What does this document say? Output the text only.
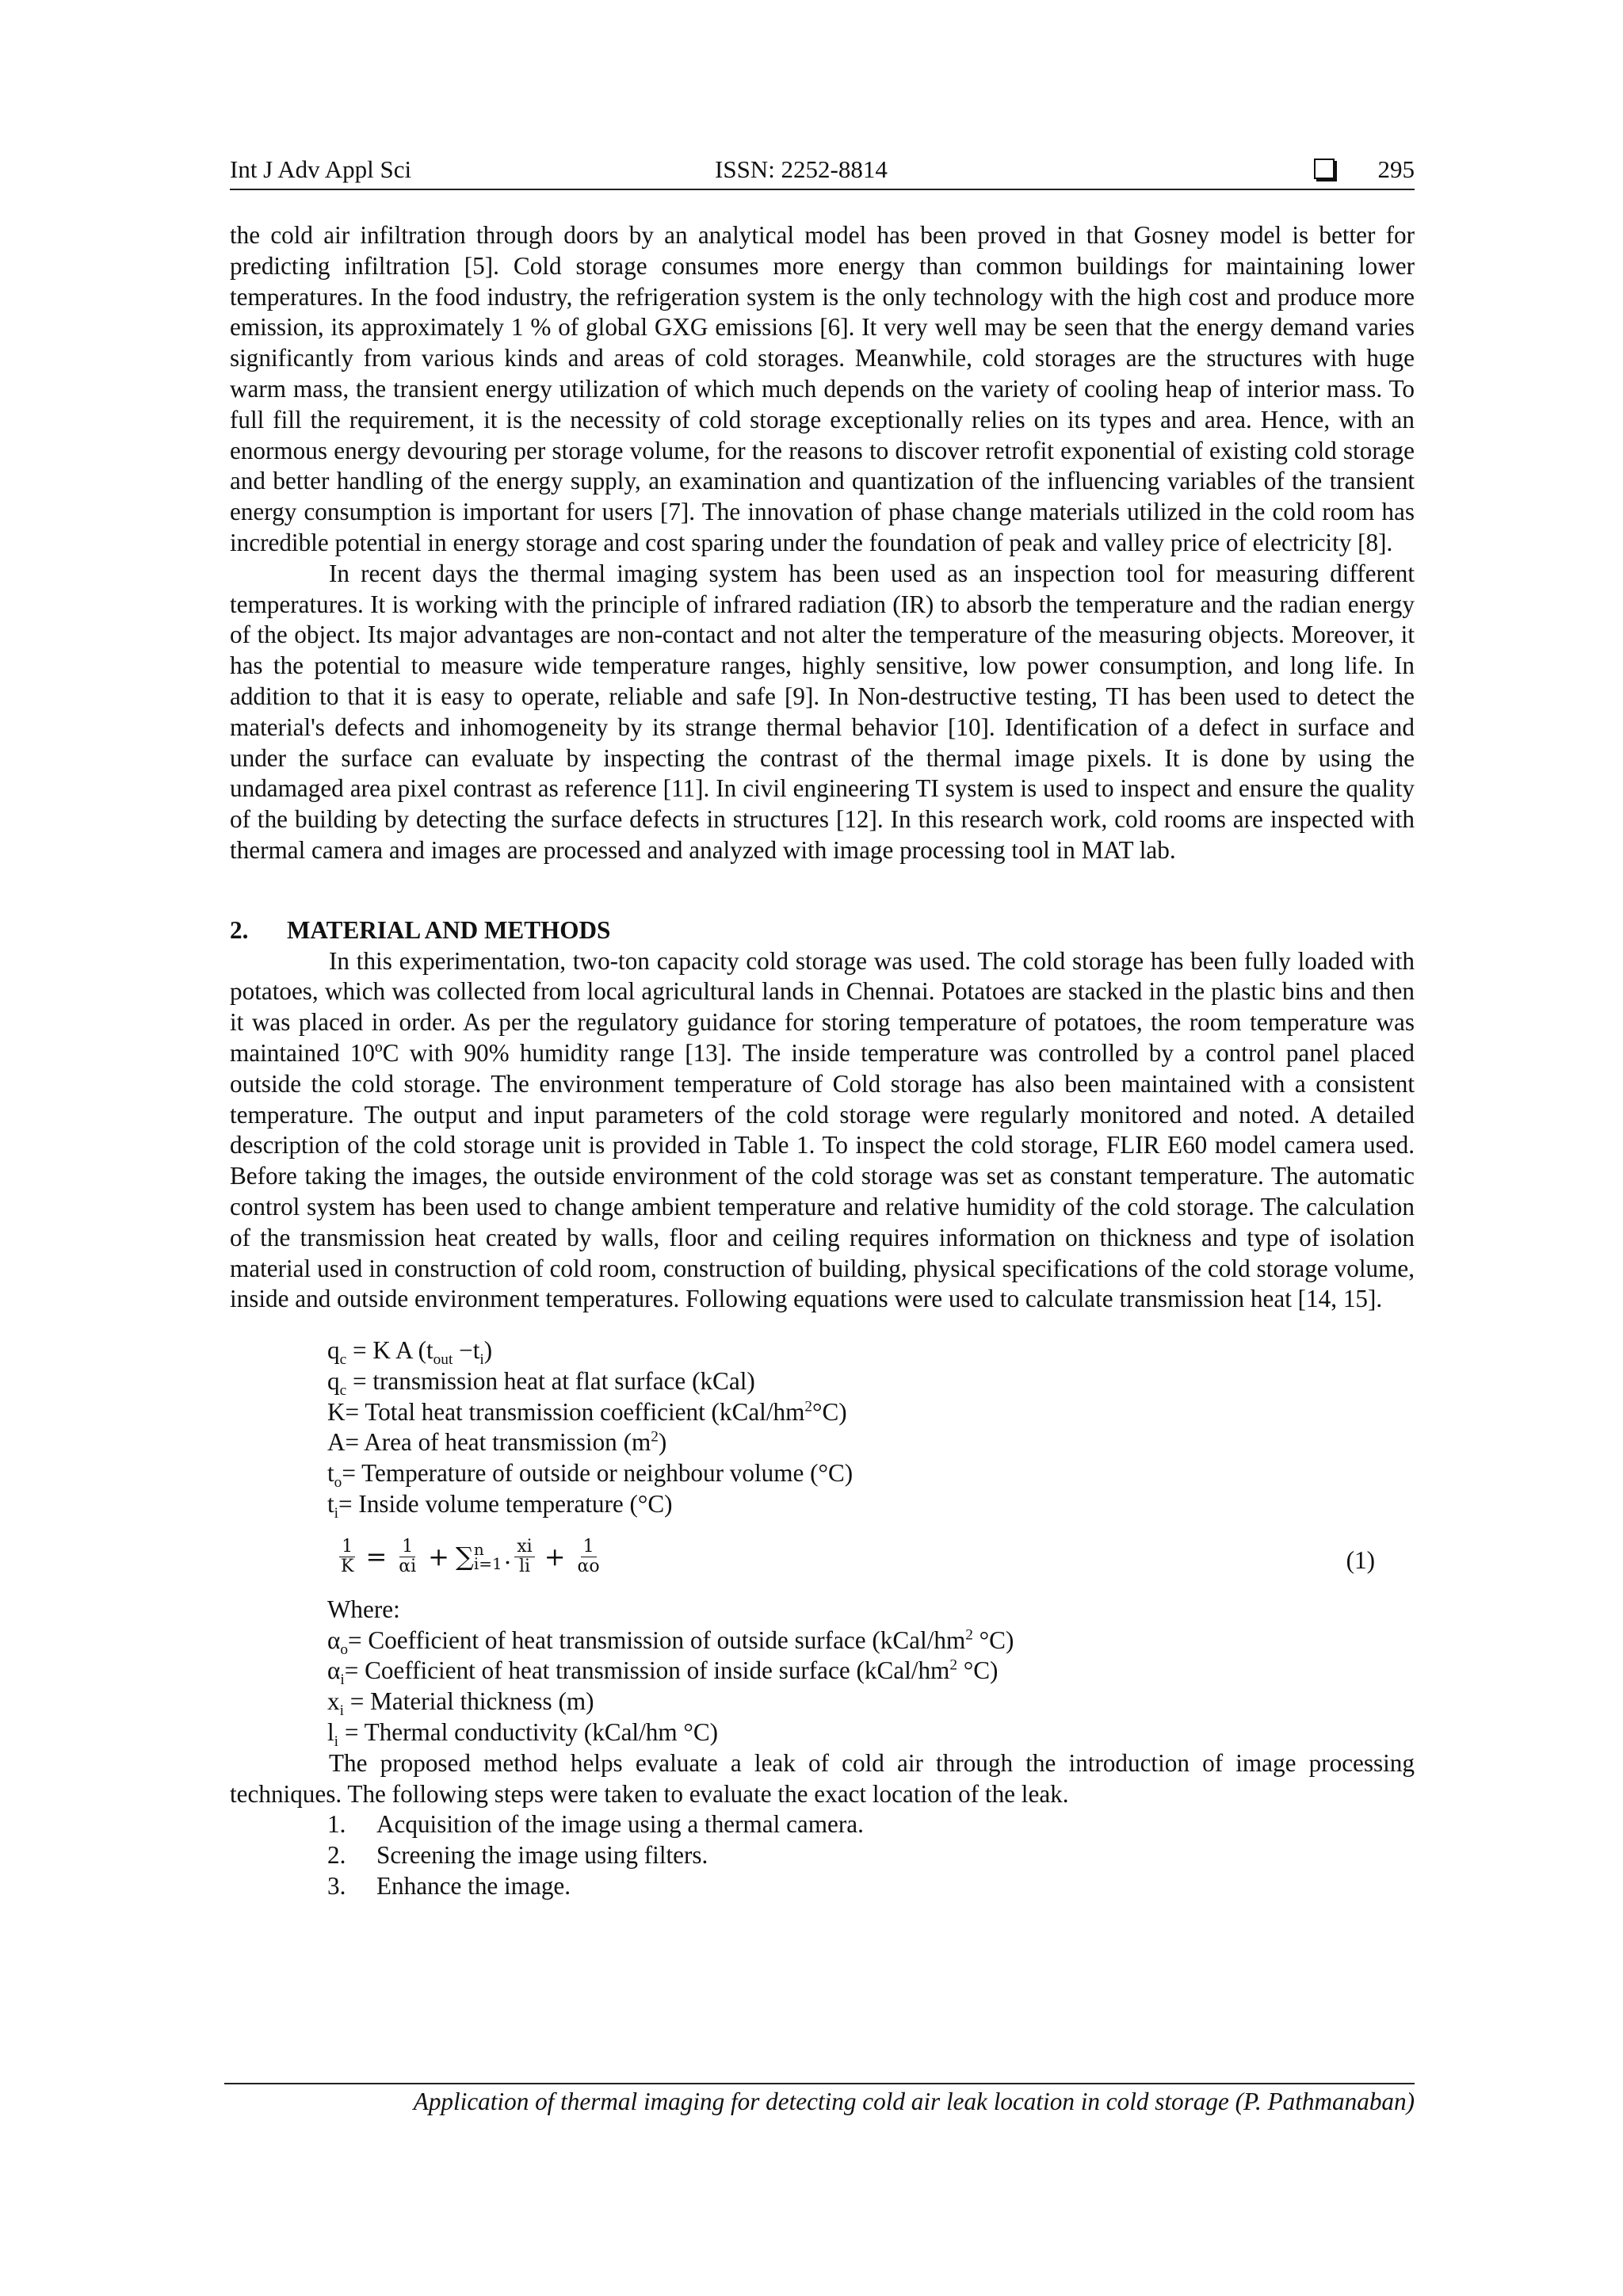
Int J Adv Appl Sci	ISSN: 2252-8814	295

the cold air infiltration through doors by an analytical model has been proved in that Gosney model is better for predicting infiltration [5]. Cold storage consumes more energy than common buildings for maintaining lower temperatures. In the food industry, the refrigeration system is the only technology with the high cost and produce more emission, its approximately 1 % of global GXG emissions [6]. It very well may be seen that the energy demand varies significantly from various kinds and areas of cold storages. Meanwhile, cold storages are the structures with huge warm mass, the transient energy utilization of which much depends on the variety of cooling heap of interior mass. To full fill the requirement, it is the necessity of cold storage exceptionally relies on its types and area. Hence, with an enormous energy devouring per storage volume, for the reasons to discover retrofit exponential of existing cold storage and better handling of the energy supply, an examination and quantization of the influencing variables of the transient energy consumption is important for users [7]. The innovation of phase change materials utilized in the cold room has incredible potential in energy storage and cost sparing under the foundation of peak and valley price of electricity [8].

In recent days the thermal imaging system has been used as an inspection tool for measuring different temperatures. It is working with the principle of infrared radiation (IR) to absorb the temperature and the radian energy of the object. Its major advantages are non-contact and not alter the temperature of the measuring objects. Moreover, it has the potential to measure wide temperature ranges, highly sensitive, low power consumption, and long life. In addition to that it is easy to operate, reliable and safe [9]. In Non-destructive testing, TI has been used to detect the material's defects and inhomogeneity by its strange thermal behavior [10]. Identification of a defect in surface and under the surface can evaluate by inspecting the contrast of the thermal image pixels. It is done by using the undamaged area pixel contrast as reference [11]. In civil engineering TI system is used to inspect and ensure the quality of the building by detecting the surface defects in structures [12]. In this research work, cold rooms are inspected with thermal camera and images are processed and analyzed with image processing tool in MAT lab.

2. MATERIAL AND METHODS

In this experimentation, two-ton capacity cold storage was used. The cold storage has been fully loaded with potatoes, which was collected from local agricultural lands in Chennai. Potatoes are stacked in the plastic bins and then it was placed in order. As per the regulatory guidance for storing temperature of potatoes, the room temperature was maintained 10ºC with 90% humidity range [13]. The inside temperature was controlled by a control panel placed outside the cold storage. The environment temperature of Cold storage has also been maintained with a consistent temperature. The output and input parameters of the cold storage were regularly monitored and noted. A detailed description of the cold storage unit is provided in Table 1. To inspect the cold storage, FLIR E60 model camera used. Before taking the images, the outside environment of the cold storage was set as constant temperature. The automatic control system has been used to change ambient temperature and relative humidity of the cold storage. The calculation of the transmission heat created by walls, floor and ceiling requires information on thickness and type of isolation material used in construction of cold room, construction of building, physical specifications of the cold storage volume, inside and outside environment temperatures. Following equations were used to calculate transmission heat [14, 15].

$q_c = K$ A $(t_{out} -t_i)$
$q_c$ = transmission heat at flat surface (kCal)
K= Total heat transmission coefficient $(kCal/hm^2^\circ C)$
A= Area of heat transmission $(m^2)$
$t_o=$ Temperature of outside or neighbour volume (°C)
$t_i=$ Inside volume temperature (°C)
$\frac{1}{K} = \frac{1}{\alpha i}$ + ∑ n
i=1 . $\frac{xi}{li} + \frac{1}{\alpha o}$	(1)
Where:
$\alpha_o=$ Coefficient of heat transmission of outside surface ($kCal/hm^2$ °C)
$\alpha_i=$ Coefficient of heat transmission of inside surface ($kCal/hm^2$ °C)
$x_i$ = Material thickness (m)
$l_i$ = Thermal conductivity (kCal/hm °C)

The proposed method helps evaluate a leak of cold air through the introduction of image processing techniques. The following steps were taken to evaluate the exact location of the leak.

1. Acquisition of the image using a thermal camera.
2. Screening the image using filters.
3. Enhance the image.
Application of thermal imaging for detecting cold air leak location in cold storage (P. Pathmanaban)
